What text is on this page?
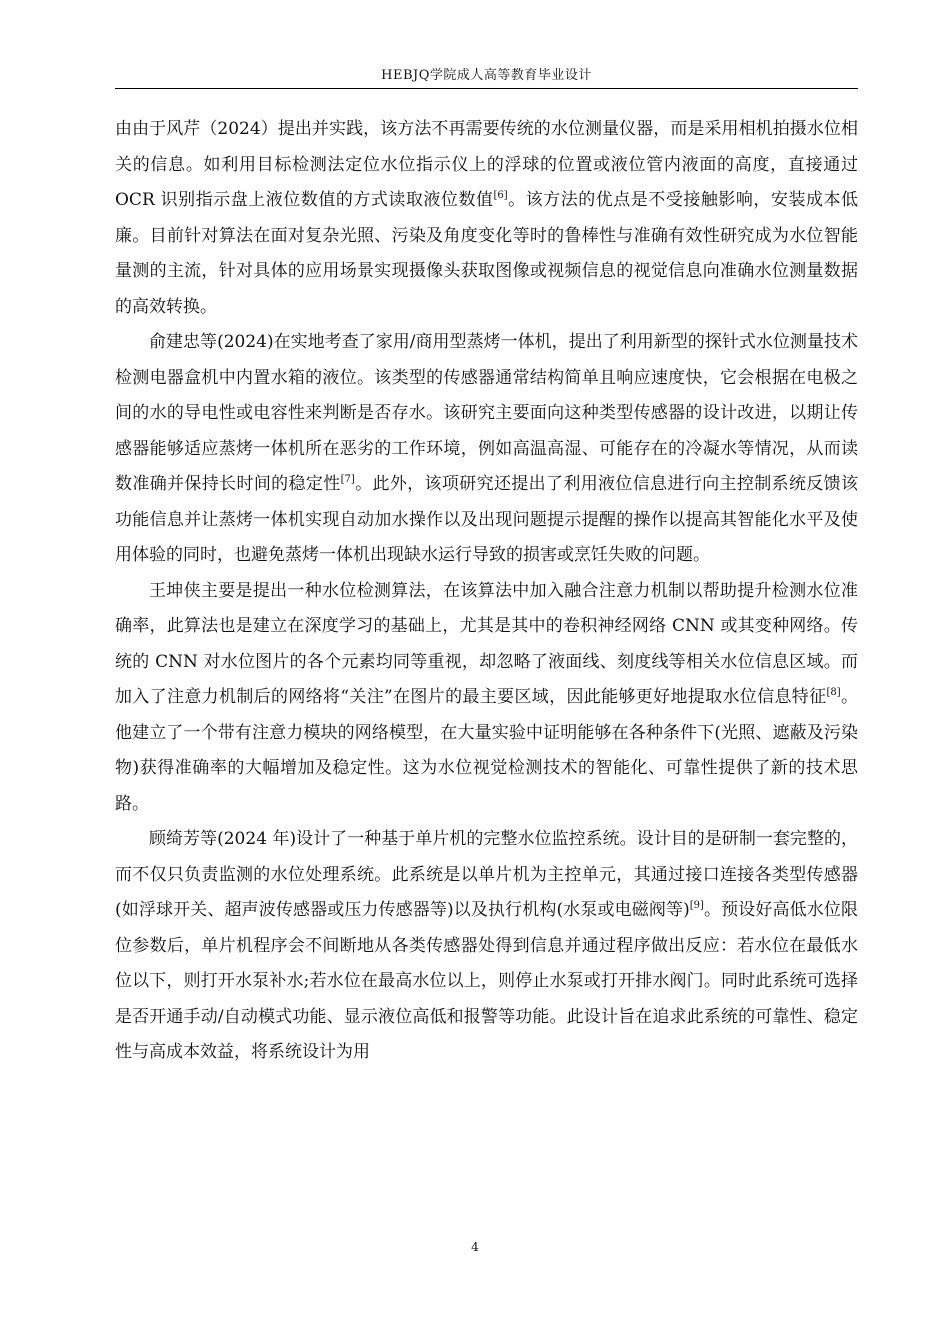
HEBJQ学院成人高等教育毕业设计

由由于风芹（2024）提出并实践，该方法不再需要传统的水位测量仪器，而是采用相机拍摄水位相关的信息。如利用目标检测法定位水位指示仪上的浮球的位置或液位管内液面的高度，直接通过 OCR 识别指示盘上液位数值的方式读取液位数值[6]。该方法的优点是不受接触影响，安装成本低廉。目前针对算法在面对复杂光照、污染及角度变化等时的鲁棒性与准确有效性研究成为水位智能量测的主流，针对具体的应用场景实现摄像头获取图像或视频信息的视觉信息向准确水位测量数据的高效转换。

俞建忠等(2024)在实地考查了家用/商用型蒸烤一体机，提出了利用新型的探针式水位测量技术检测电器盒机中内置水箱的液位。该类型的传感器通常结构简单且响应速度快，它会根据在电极之间的水的导电性或电容性来判断是否存水。该研究主要面向这种类型传感器的设计改进，以期让传感器能够适应蒸烤一体机所在恶劣的工作环境，例如高温高湿、可能存在的冷凝水等情况，从而读数准确并保持长时间的稳定性[7]。此外，该项研究还提出了利用液位信息进行向主控制系统反馈该功能信息并让蒸烤一体机实现自动加水操作以及出现问题提示提醒的操作以提高其智能化水平及使用体验的同时，也避免蒸烤一体机出现缺水运行导致的损害或烹饪失败的问题。

王坤侠主要是提出一种水位检测算法，在该算法中加入融合注意力机制以帮助提升检测水位准确率，此算法也是建立在深度学习的基础上，尤其是其中的卷积神经网络 CNN 或其变种网络。传统的 CNN 对水位图片的各个元素均同等重视，却忽略了液面线、刻度线等相关水位信息区域。而加入了注意力机制后的网络将“关注”在图片的最主要区域，因此能够更好地提取水位信息特征[8]。他建立了一个带有注意力模块的网络模型，在大量实验中证明能够在各种条件下(光照、遮蔽及污染物)获得准确率的大幅增加及稳定性。这为水位视觉检测技术的智能化、可靠性提供了新的技术思路。

顾绮芳等(2024 年)设计了一种基于单片机的完整水位监控系统。设计目的是研制一套完整的，而不仅只负责监测的水位处理系统。此系统是以单片机为主控单元，其通过接口连接各类型传感器(如浮球开关、超声波传感器或压力传感器等)以及执行机构(水泵或电磁阀等)[9]。预设好高低水位限位参数后，单片机程序会不间断地从各类传感器处得到信息并通过程序做出反应：若水位在最低水位以下，则打开水泵补水;若水位在最高水位以上，则停止水泵或打开排水阀门。同时此系统可选择是否开通手动/自动模式功能、显示液位高低和报警等功能。此设计旨在追求此系统的可靠性、稳定性与高成本效益，将系统设计为用

4
